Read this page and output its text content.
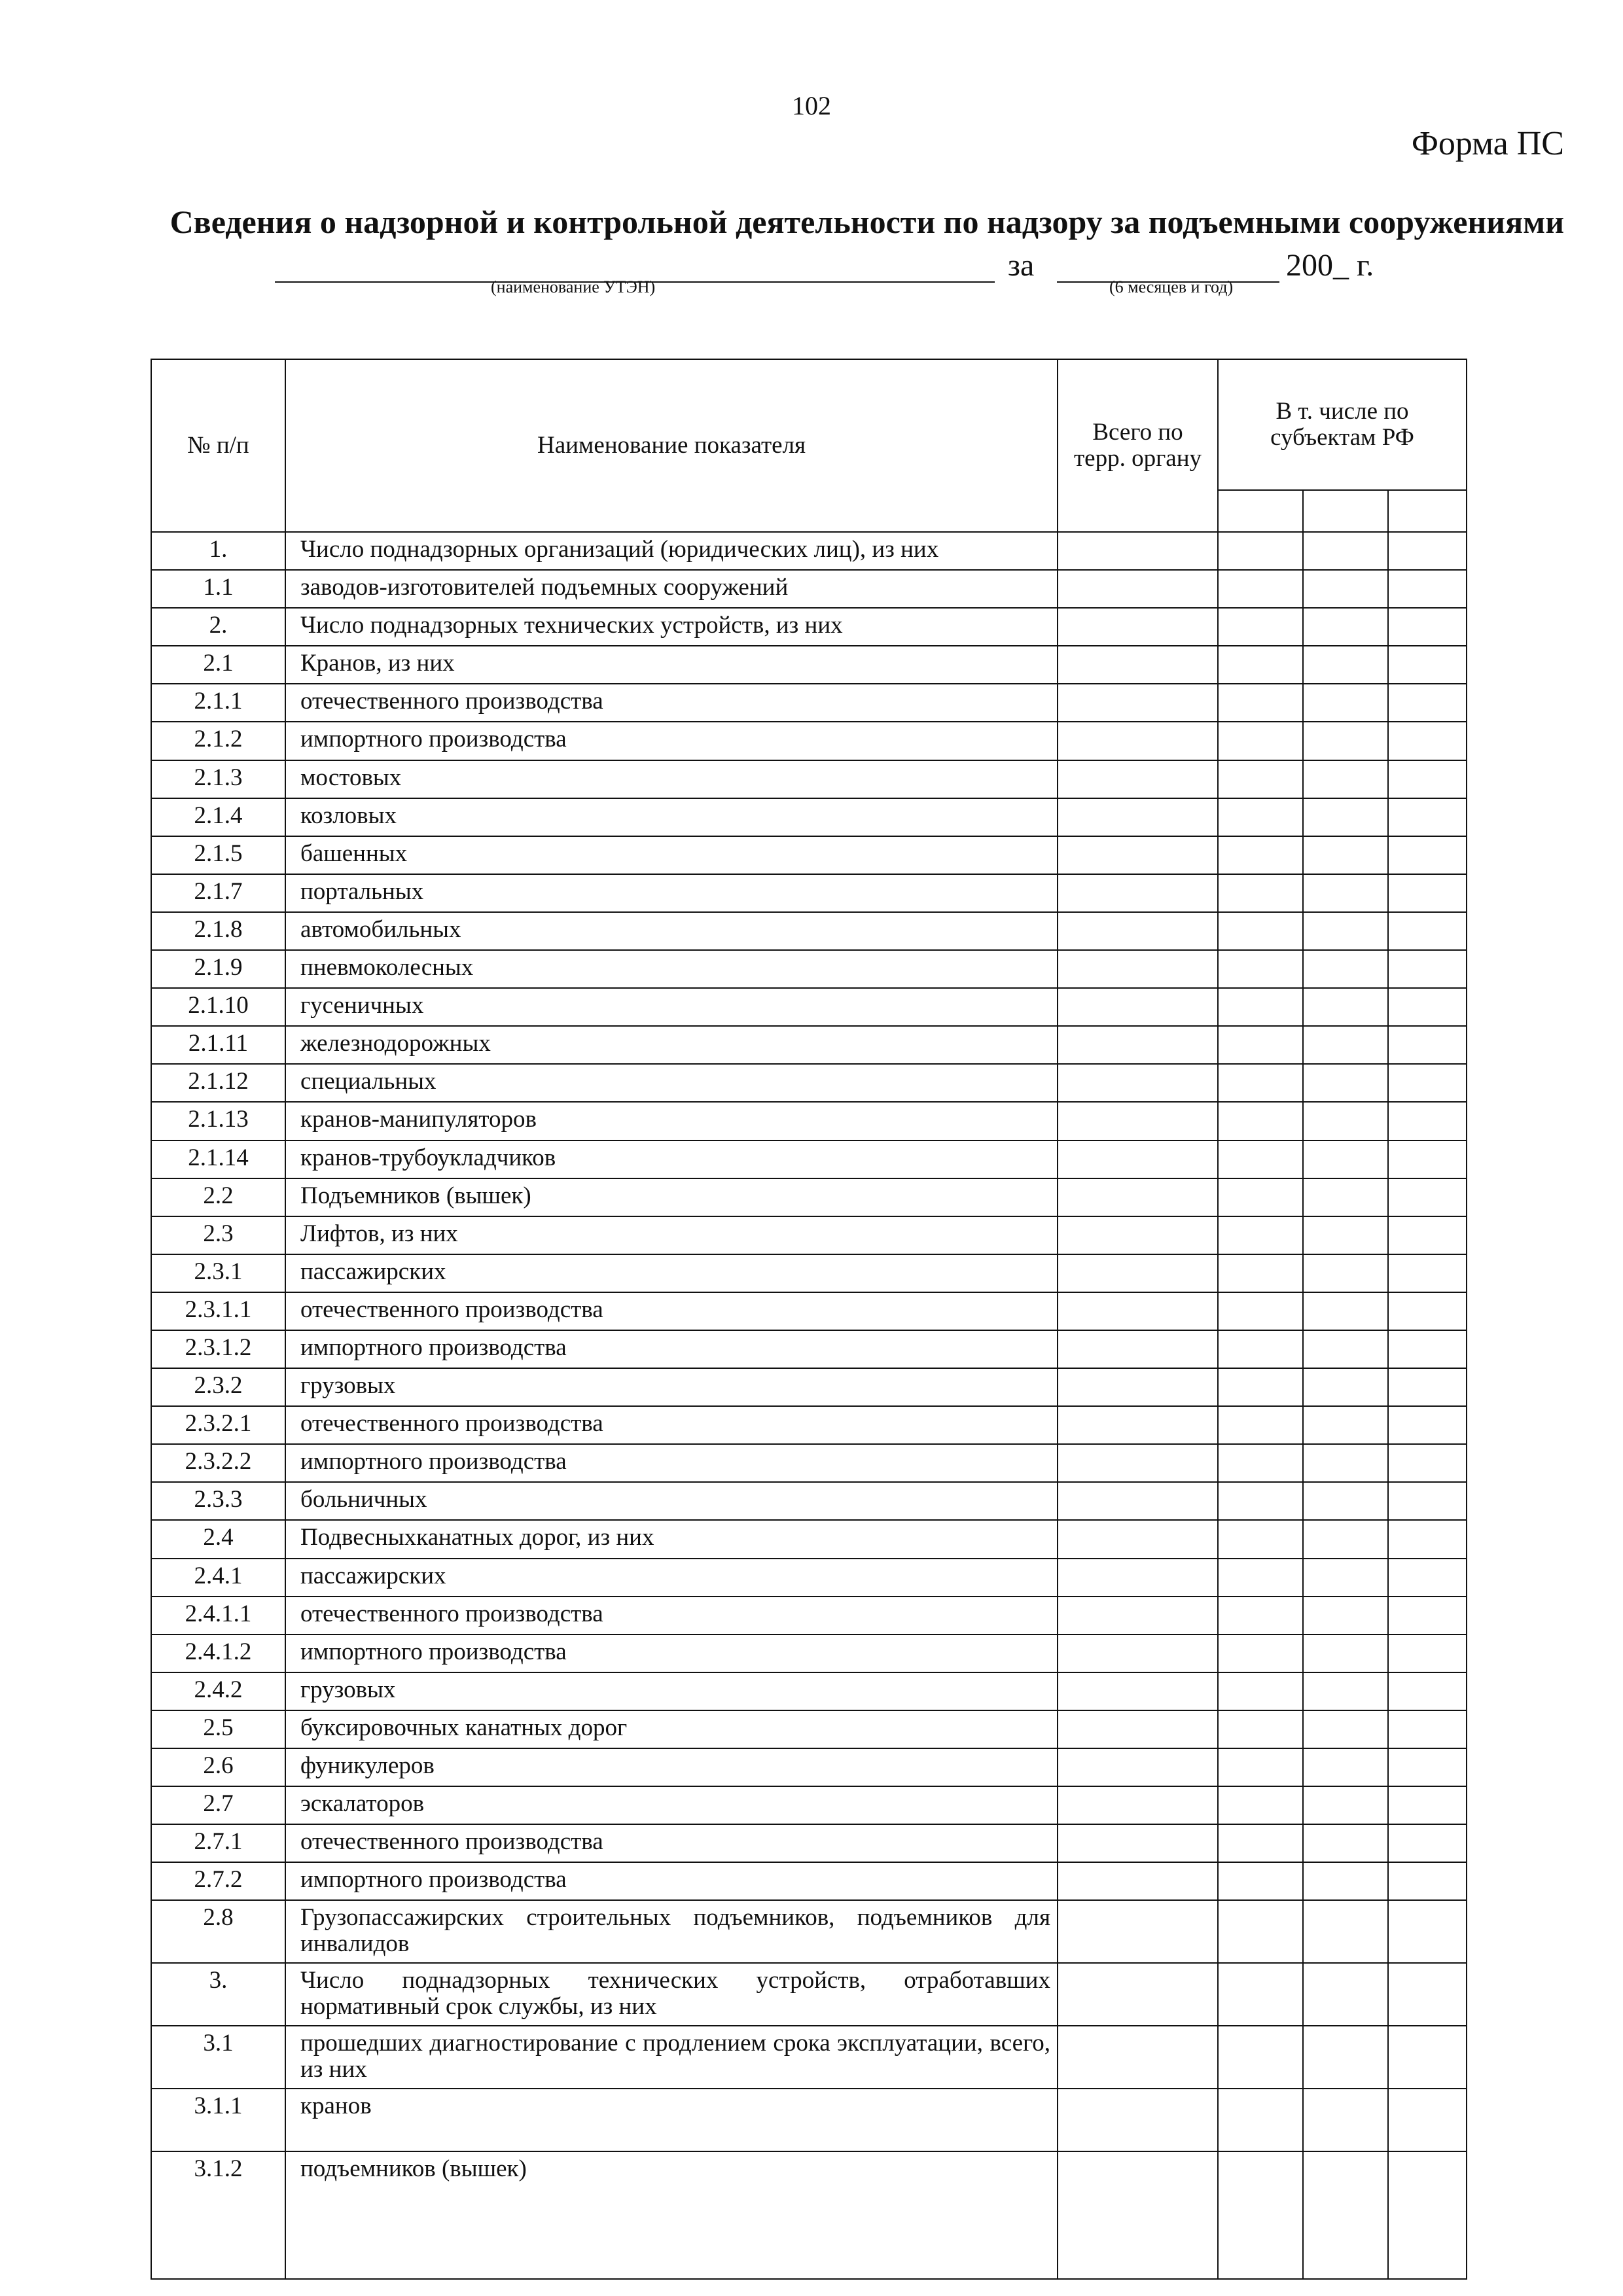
102
Форма ПС
Сведения о надзорной и контрольной деятельности по надзору за подъемными сооружениями
(наименование УТЭН)
за
(6 месяцев и год)
200_ г.
№ п/п	Наименование показателя	Всего по терр. органу	В т. числе по субъектам РФ		

1.	Число поднадзорных организаций (юридических лиц), из них				
1.1	заводов-изготовителей подъемных сооружений				
2.	Число поднадзорных технических устройств, из них				
2.1	Кранов, из них				
2.1.1	отечественного производства				
2.1.2	импортного производства				
2.1.3	мостовых				
2.1.4	козловых				
2.1.5	башенных				
2.1.7	портальных				
2.1.8	автомобильных				
2.1.9	пневмоколесных				
2.1.10	гусеничных				
2.1.11	железнодорожных				
2.1.12	специальных				
2.1.13	кранов-манипуляторов				
2.1.14	кранов-трубоукладчиков				
2.2	Подъемников (вышек)				
2.3	Лифтов, из них				
2.3.1	пассажирских				
2.3.1.1	отечественного производства				
2.3.1.2	импортного производства				
2.3.2	грузовых				
2.3.2.1	отечественного производства				
2.3.2.2	импортного производства				
2.3.3	больничных				
2.4	Подвесныхканатных дорог, из них				
2.4.1	пассажирских				
2.4.1.1	отечественного производства				
2.4.1.2	импортного производства				
2.4.2	грузовых				
2.5	буксировочных канатных дорог				
2.6	фуникулеров				
2.7	эскалаторов				
2.7.1	отечественного производства				
2.7.2	импортного производства				
2.8	Грузопассажирских строительных подъемников, подъемников для инвалидов				
3.	Число поднадзорных технических устройств, отработавших нормативный срок службы, из них				
3.1	прошедших диагностирование с продлением срока эксплуатации, всего, из них				
3.1.1	кранов				
3.1.2	подъемников (вышек)				
